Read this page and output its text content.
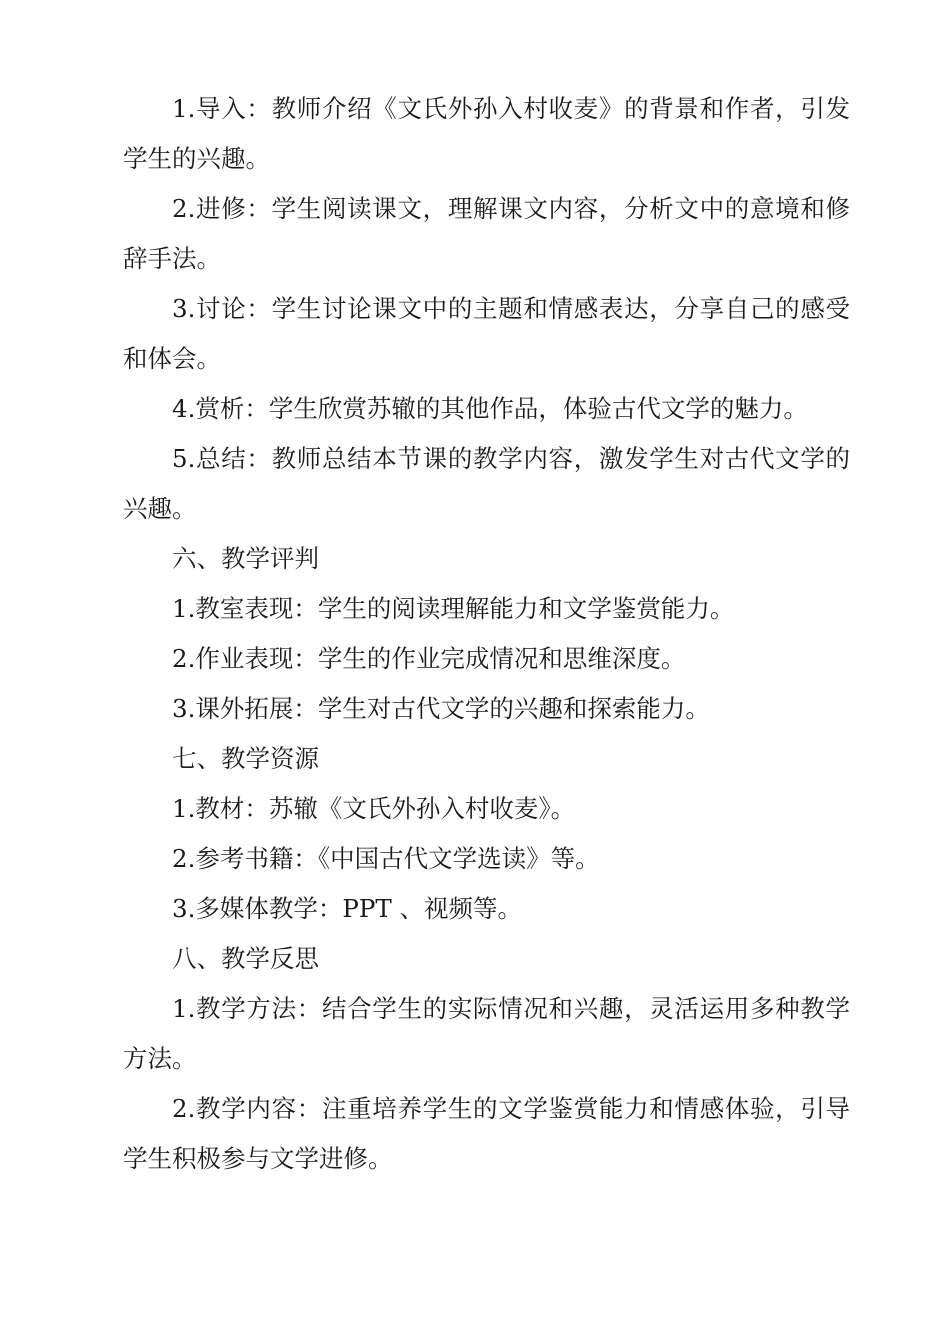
1.导入：教师介绍《文氏外孙入村收麦》的背景和作者，引发学生的兴趣。

2.进修：学生阅读课文，理解课文内容，分析文中的意境和修辞手法。

3.讨论：学生讨论课文中的主题和情感表达，分享自己的感受和体会。

4.赏析：学生欣赏苏辙的其他作品，体验古代文学的魅力。

5.总结：教师总结本节课的教学内容，激发学生对古代文学的兴趣。

六、教学评判

1.教室表现：学生的阅读理解能力和文学鉴赏能力。

2.作业表现：学生的作业完成情况和思维深度。

3.课外拓展：学生对古代文学的兴趣和探索能力。

七、教学资源

1.教材：苏辙《文氏外孙入村收麦》。

2.参考书籍：《中国古代文学选读》等。

3.多媒体教学：PPT 、视频等。

八、教学反思

1.教学方法：结合学生的实际情况和兴趣，灵活运用多种教学方法。

2.教学内容：注重培养学生的文学鉴赏能力和情感体验，引导学生积极参与文学进修。
